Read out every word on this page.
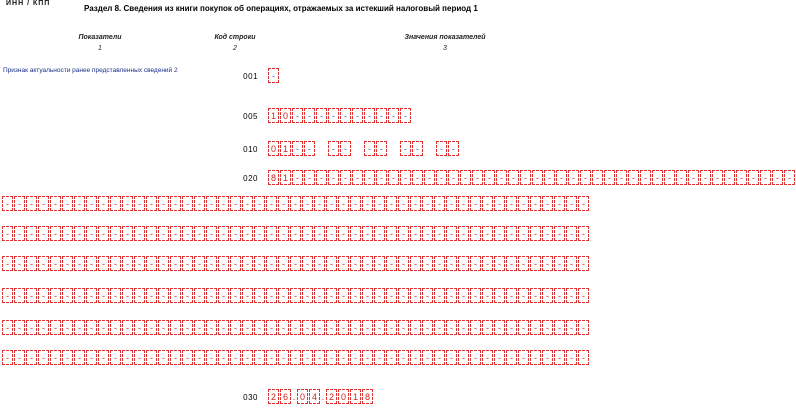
ИНН / КПП
Раздел 8. Сведения из книги покупок об операциях, отражаемых за истекший налоговый период 1
Показатели
1
Код строки
2
Значения показателей
3
Признак актуальности ранее представленных сведений 2
001	-
005	1 0 -	-	-	-	-	-	-	-	-	-
010	0 1 -	-	-	-	-	-	-	-	-	-
020	8 1 -	-	-	-	-	-	-	-	-	-	-	-	-	-	-	-	-	-	-	-	-	-	-	-	-	-	-	-	-	-	-	-	-	-	-	-	-	-	-	-	-	-
-	-	-	-	-	-	-	-	-	-	-	-	-	-	-	-	-	-	-	-	-	-	-	-	-	-	-	-	-	-	-	-	-	-	-	-	-	-	-	-	-	-	-	-	-	-	-	-	-
-	-	-	-	-	-	-	-	-	-	-	-	-	-	-	-	-	-	-	-	-	-	-	-	-	-	-	-	-	-	-	-	-	-	-	-	-	-	-	-	-	-	-	-	-	-	-	-	-
-	-	-	-	-	-	-	-	-	-	-	-	-	-	-	-	-	-	-	-	-	-	-	-	-	-	-	-	-	-	-	-	-	-	-	-	-	-	-	-	-	-	-	-	-	-	-	-	-
-	-	-	-	-	-	-	-	-	-	-	-	-	-	-	-	-	-	-	-	-	-	-	-	-	-	-	-	-	-	-	-	-	-	-	-	-	-	-	-	-	-	-	-	-	-	-	-	-
-	-	-	-	-	-	-	-	-	-	-	-	-	-	-	-	-	-	-	-	-	-	-	-	-	-	-	-	-	-	-	-	-	-	-	-	-	-	-	-	-	-	-	-	-	-	-	-	-
-	-	-	-	-	-	-	-	-	-	-	-	-	-	-	-	-	-	-	-	-	-	-	-	-	-	-	-	-	-	-	-	-	-	-	-	-	-	-	-	-	-	-	-	-	-	-	-	-
030	2 6 . 0 4 . 2 0 1 8
